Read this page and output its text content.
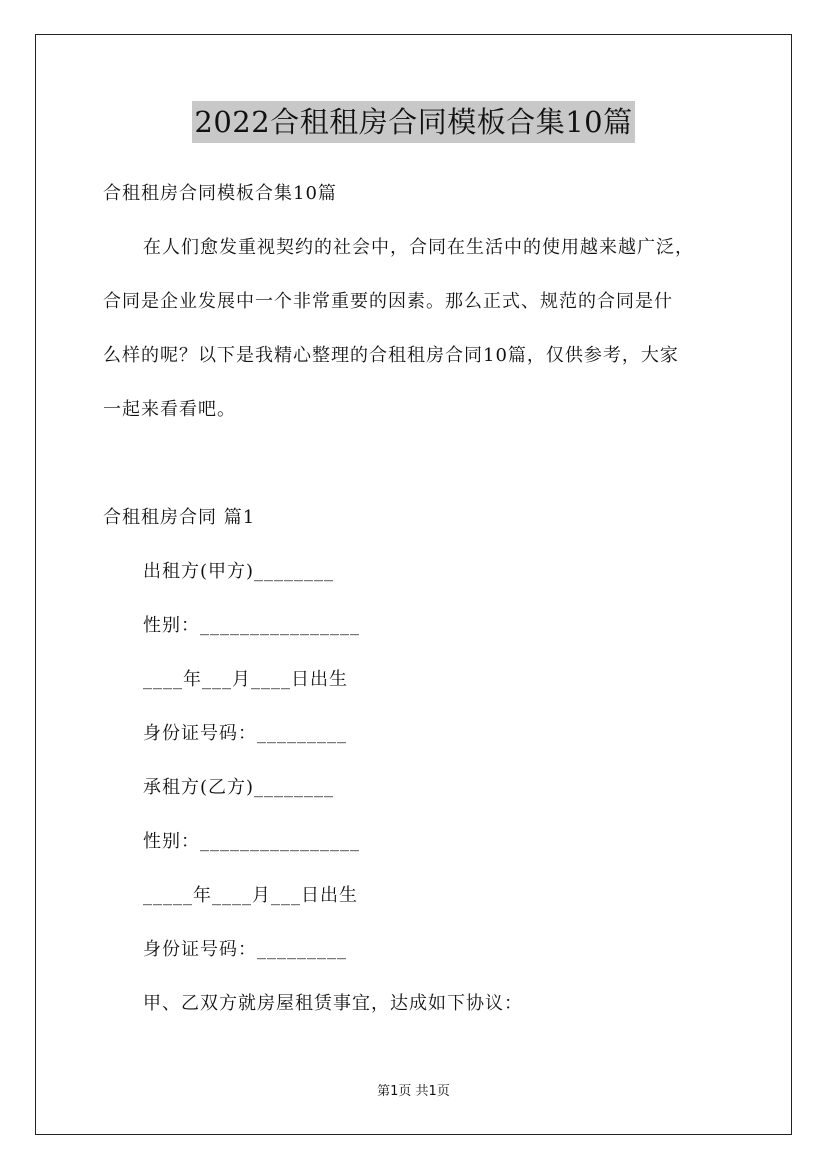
2022合租租房合同模板合集10篇
合租租房合同模板合集10篇
在人们愈发重视契约的社会中，合同在生活中的使用越来越广泛，
合同是企业发展中一个非常重要的因素。那么正式、规范的合同是什
么样的呢？以下是我精心整理的合租租房合同10篇，仅供参考，大家
一起来看看吧。
合租租房合同 篇1
出租方(甲方)________
性别：________________
____年___月____日出生
身份证号码：_________
承租方(乙方)________
性别：________________
_____年____月___日出生
身份证号码：_________
甲、乙双方就房屋租赁事宜，达成如下协议：
第1页 共1页
